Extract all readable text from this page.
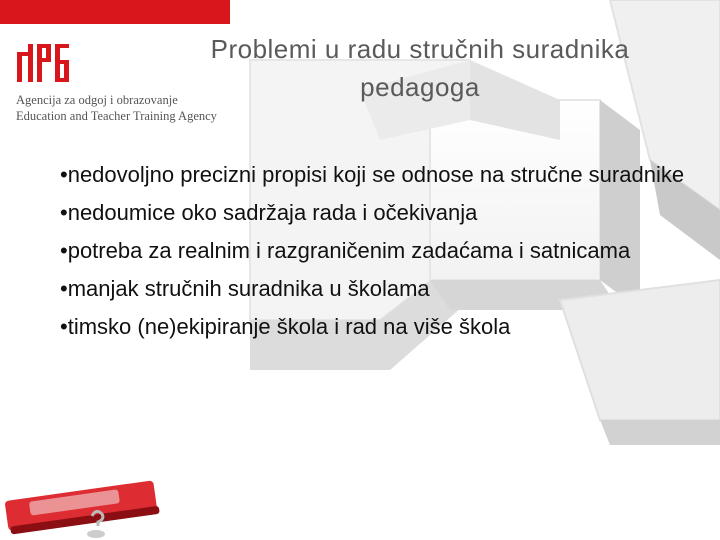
Agencija za odgoj i obrazovanje
Education and Teacher Training Agency
Problemi u radu stručnih suradnika
pedagoga
•nedovoljno precizni propisi koji se odnose na stručne suradnike
•nedoumice oko sadržaja rada i očekivanja
•potreba za realnim i razgraničenim zadaćama i satnicama
•manjak stručnih suradnika u školama
•timsko (ne)ekipiranje škola i rad na više škola
